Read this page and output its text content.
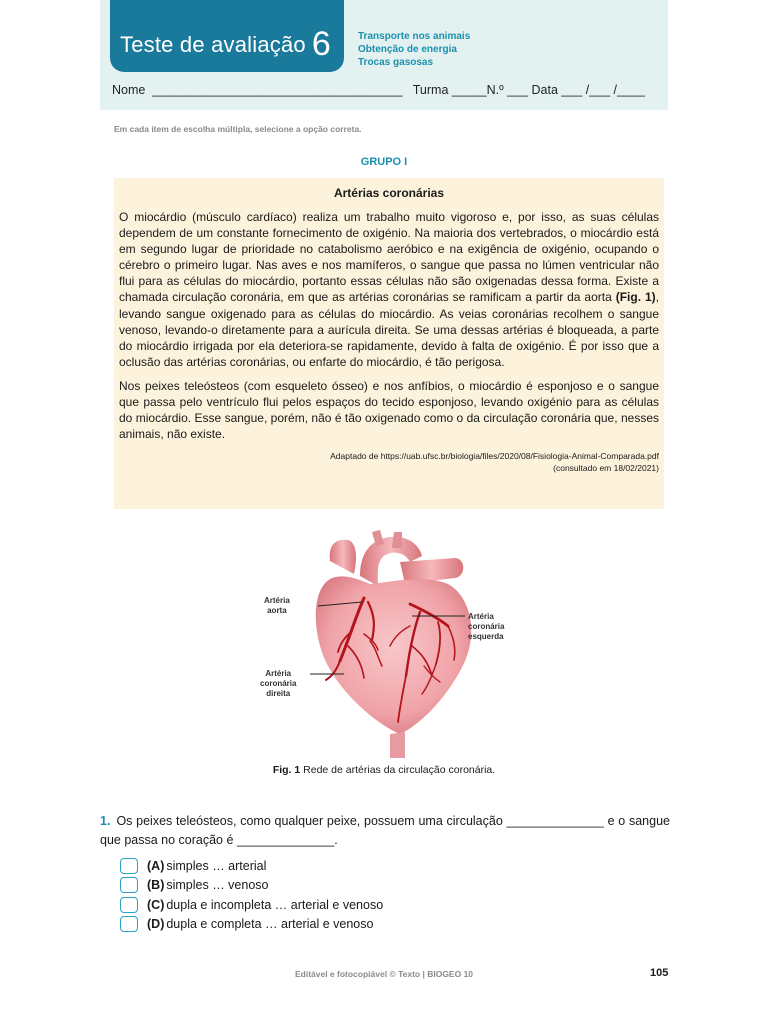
Teste de avaliação 6	Transporte nos animais
Obtenção de energia
Trocas gasosas
Nome  ____________________________________   Turma _____N.º ___ Data ___ /___ /____
Em cada item de escolha múltipla, selecione a opção correta.
GRUPO I
Artérias coronárias

O miocárdio (músculo cardíaco) realiza um trabalho muito vigoroso e, por isso, as suas células dependem de um constante fornecimento de oxigénio. Na maioria dos vertebrados, o miocárdio está em segundo lugar de prioridade no catabolismo aeróbico e na exigência de oxigénio, ocupando o cérebro o primeiro lugar. Nas aves e nos mamíferos, o sangue que passa no lúmen ventricular não flui para as células do miocárdio, portanto essas células não são oxigenadas dessa forma. Existe a chamada circulação coronária, em que as artérias coronárias se ramificam a partir da aorta (Fig. 1), levando sangue oxigenado para as células do miocárdio. As veias coronárias recolhem o sangue venoso, levando-o diretamente para a aurícula direita. Se uma dessas artérias é bloqueada, a parte do miocárdio irrigada por ela deteriora-se rapidamente, devido à falta de oxigénio. É por isso que a oclusão das artérias coronárias, ou enfarte do miocárdio, é tão perigosa.

Nos peixes teleósteos (com esqueleto ósseo) e nos anfíbios, o miocárdio é esponjoso e o sangue que passa pelo ventrículo flui pelos espaços do tecido esponjoso, levando oxigénio para as células do miocárdio. Esse sangue, porém, não é tão oxigenado como o da circulação coronária que, nesses animais, não existe.

Adaptado de https://uab.ufsc.br/biologia/files/2020/08/Fisiologia-Animal-Comparada.pdf
(consultado em 18/02/2021)
Artéria
aorta
Artéria
coronária
esquerda
Artéria
coronária
direita
Fig. 1 Rede de artérias da circulação coronária.
1. Os peixes teleósteos, como qualquer peixe, possuem uma circulação ______________ e o sangue que passa no coração é ______________.
(A) simples … arterial
(B) simples … venoso
(C) dupla e incompleta … arterial e venoso
(D) dupla e completa … arterial e venoso
Editável e fotocopiável © Texto | BIOGEO 10	105
